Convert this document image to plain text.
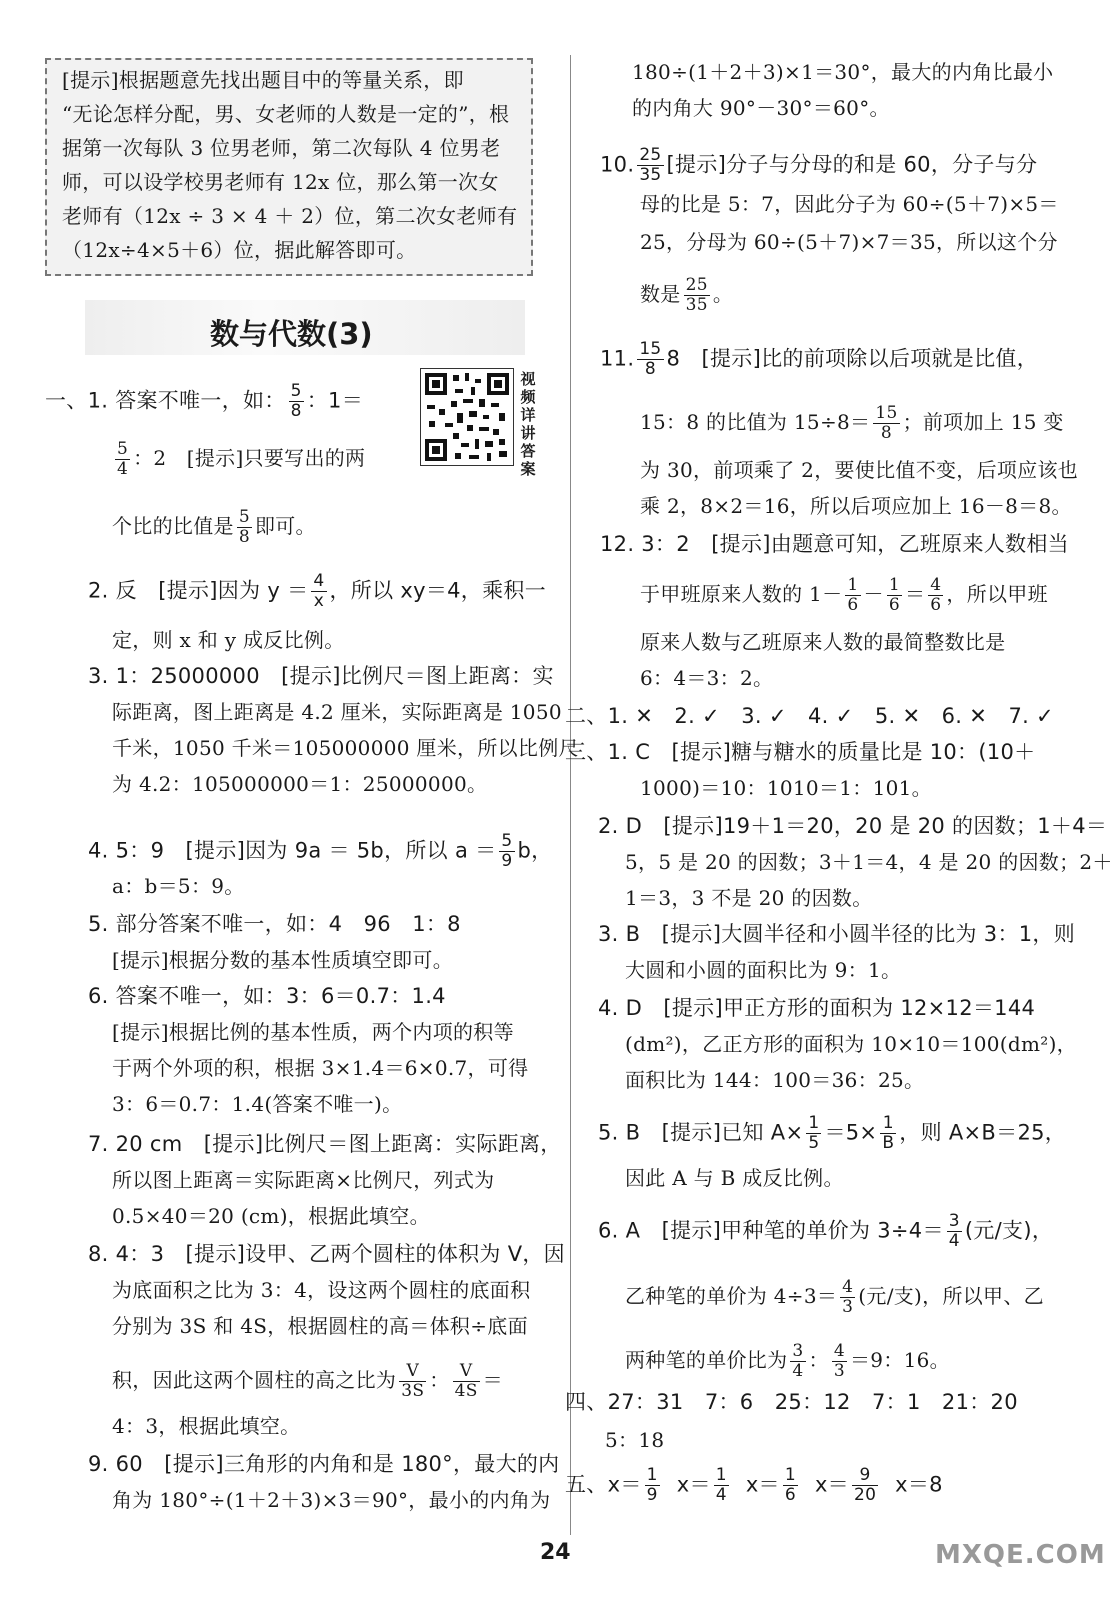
[提示]根据题意先找出题目中的等量关系，即
“无论怎样分配，男、女老师的人数是一定的”，根
据第一次每队 3 位男老师，第二次每队 4 位男老
师，可以设学校男老师有 12x 位，那么第一次女
老师有（12x ÷ 3 × 4 ＋ 2）位，第二次女老师有
（12x÷4×5＋6）位，据此解答即可。
数与代数(3)
视频详讲答案
一、1. 答案不唯一，如： $\frac{5}{8}$ ：1＝
$\frac{5}{4}$ ：2　[提示]只要写出的两
个比的比值是 $\frac{5}{8}$ 即可。
2. 反　[提示]因为 $y = \frac{4}{x}$ ，所以 xy＝4，乘积一
定，则 x 和 y 成反比例。
3. 1：25000000　[提示]比例尺＝图上距离：实
际距离，图上距离是 4.2 厘米，实际距离是 1050
千米，1050 千米＝105000000 厘米，所以比例尺
为 4.2：105000000＝1：25000000。
4. 5：9　[提示]因为 9a ＝ 5b，所以 $a = \frac{5}{9}$ b，
a：b＝5：9。
5. 部分答案不唯一，如：4　96　1：8
[提示]根据分数的基本性质填空即可。
6. 答案不唯一，如：3：6＝0.7：1.4
[提示]根据比例的基本性质，两个内项的积等
于两个外项的积，根据 3×1.4＝6×0.7，可得
3：6＝0.7：1.4(答案不唯一)。
7. 20 cm　[提示]比例尺＝图上距离：实际距离，
所以图上距离＝实际距离×比例尺，列式为
0.5×40＝20 (cm)，根据此填空。
8. 4：3　[提示]设甲、乙两个圆柱的体积为 V，因
为底面积之比为 3：4，设这两个圆柱的底面积
分别为 3S 和 4S，根据圆柱的高＝体积÷底面
积，因此这两个圆柱的高之比为 $\frac{V}{3S}$ ： $\frac{V}{4S}$ ＝
4：3，根据此填空。
9. 60　[提示]三角形的内角和是 180°，最大的内
角为 180°÷(1＋2＋3)×3＝90°，最小的内角为
180÷(1＋2＋3)×1＝30°，最大的内角比最小
的内角大 90°－30°＝60°。
10. $\frac{25}{35}$ [提示]分子与分母的和是 60，分子与分
母的比是 5：7，因此分子为 60÷(5＋7)×5＝
25，分母为 60÷(5＋7)×7＝35，所以这个分
数是 $\frac{25}{35}$ 。
11. $\frac{15}{8} 8$　[提示]比的前项除以后项就是比值，
15：8 的比值为 $15\div 8= \frac{15}{8}$ ；前项加上 15 变
为 30，前项乘了 2，要使比值不变，后项应该也
乘 2，8×2＝16，所以后项应加上 16－8＝8。
12. 3：2　[提示]由题意可知，乙班原来人数相当
于甲班原来人数的 $1- \frac{1}{6} - \frac{1}{6} = \frac{4}{6}$ ，所以甲班
原来人数与乙班原来人数的最简整数比是
6：4＝3：2。
二、1. ✕　2. ✓　3. ✓　4. ✓　5. ✕　6. ✕　7. ✓
三、1. C　[提示]糖与糖水的质量比是 10：(10＋
1000)＝10：1010＝1：101。
2. D　[提示]19＋1＝20，20 是 20 的因数；1＋4＝
5，5 是 20 的因数；3＋1＝4，4 是 20 的因数；2＋
1＝3，3 不是 20 的因数。
3. B　[提示]大圆半径和小圆半径的比为 3：1，则
大圆和小圆的面积比为 9：1。
4. D　[提示]甲正方形的面积为 12×12＝144
(dm²)，乙正方形的面积为 10×10＝100(dm²)，
面积比为 144：100＝36：25。
5. B　[提示]已知 $A\times \frac{1}{5} =5\times \frac{1}{B}$ ，则 A×B＝25，
因此 A 与 B 成反比例。
6. A　[提示]甲种笔的单价为 $3\div 4= \frac{3}{4}$ (元/支)，
乙种笔的单价为 $4\div 3= \frac{4}{3}$ (元/支)，所以甲、乙
两种笔的单价比为 $\frac{3}{4}$ ： $\frac{4}{3} =9$：16。
四、27：31　7：6　25：12　7：1　21：20
5：18
五、$x= \frac{1}{9} x= \frac{1}{4} x= \frac{1}{6} x= \frac{9}{20} x=8$
MXQE.COM
24
